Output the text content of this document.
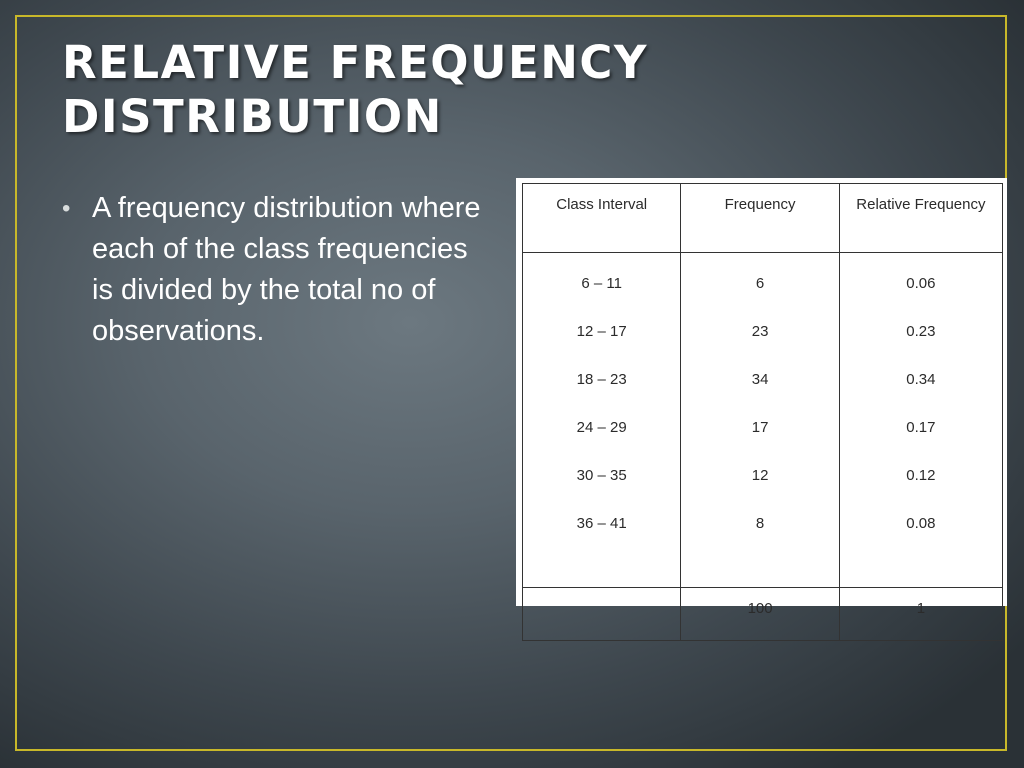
RELATIVE FREQUENCY
DISTRIBUTION
• A frequency distribution where each of the class frequencies is divided by the total no of observations.
Class Interval	Frequency	Relative Frequency
6 – 11	6	0.06
12 – 17	23	0.23
18 – 23	34	0.34
24 – 29	17	0.17
30 – 35	12	0.12
36 – 41	8	0.08

	100	1
